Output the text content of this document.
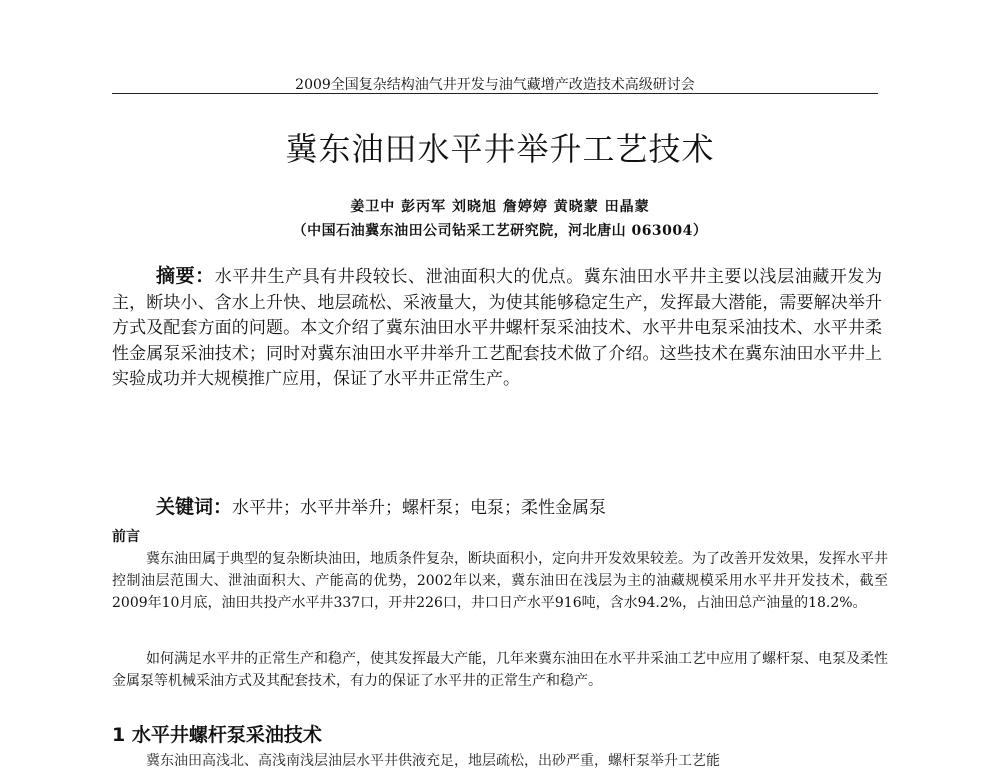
2009全国复杂结构油气井开发与油气藏增产改造技术高级研讨会
冀东油田水平井举升工艺技术
姜卫中 彭丙军 刘晓旭 詹婷婷 黄晓蒙 田晶蒙
（中国石油冀东油田公司钻采工艺研究院，河北唐山 063004）
摘要：水平井生产具有井段较长、泄油面积大的优点。冀东油田水平井主要以浅层油藏开发为主，断块小、含水上升快、地层疏松、采液量大，为使其能够稳定生产，发挥最大潜能，需要解决举升方式及配套方面的问题。本文介绍了冀东油田水平井螺杆泵采油技术、水平井电泵采油技术、水平井柔性金属泵采油技术；同时对冀东油田水平井举升工艺配套技术做了介绍。这些技术在冀东油田水平井上实验成功并大规模推广应用，保证了水平井正常生产。
关键词：水平井；水平井举升；螺杆泵；电泵；柔性金属泵
前言
冀东油田属于典型的复杂断块油田，地质条件复杂，断块面积小，定向井开发效果较差。为了改善开发效果，发挥水平井控制油层范围大、泄油面积大、产能高的优势，2002年以来，冀东油田在浅层为主的油藏规模采用水平井开发技术，截至2009年10月底，油田共投产水平井337口，开井226口，井口日产水平916吨，含水94.2%，占油田总产油量的18.2%。
如何满足水平井的正常生产和稳产，使其发挥最大产能，几年来冀东油田在水平井采油工艺中应用了螺杆泵、电泵及柔性金属泵等机械采油方式及其配套技术，有力的保证了水平井的正常生产和稳产。
1 水平井螺杆泵采油技术
冀东油田高浅北、高浅南浅层油层水平井供液充足，地层疏松，出砂严重，螺杆泵举升工艺能
